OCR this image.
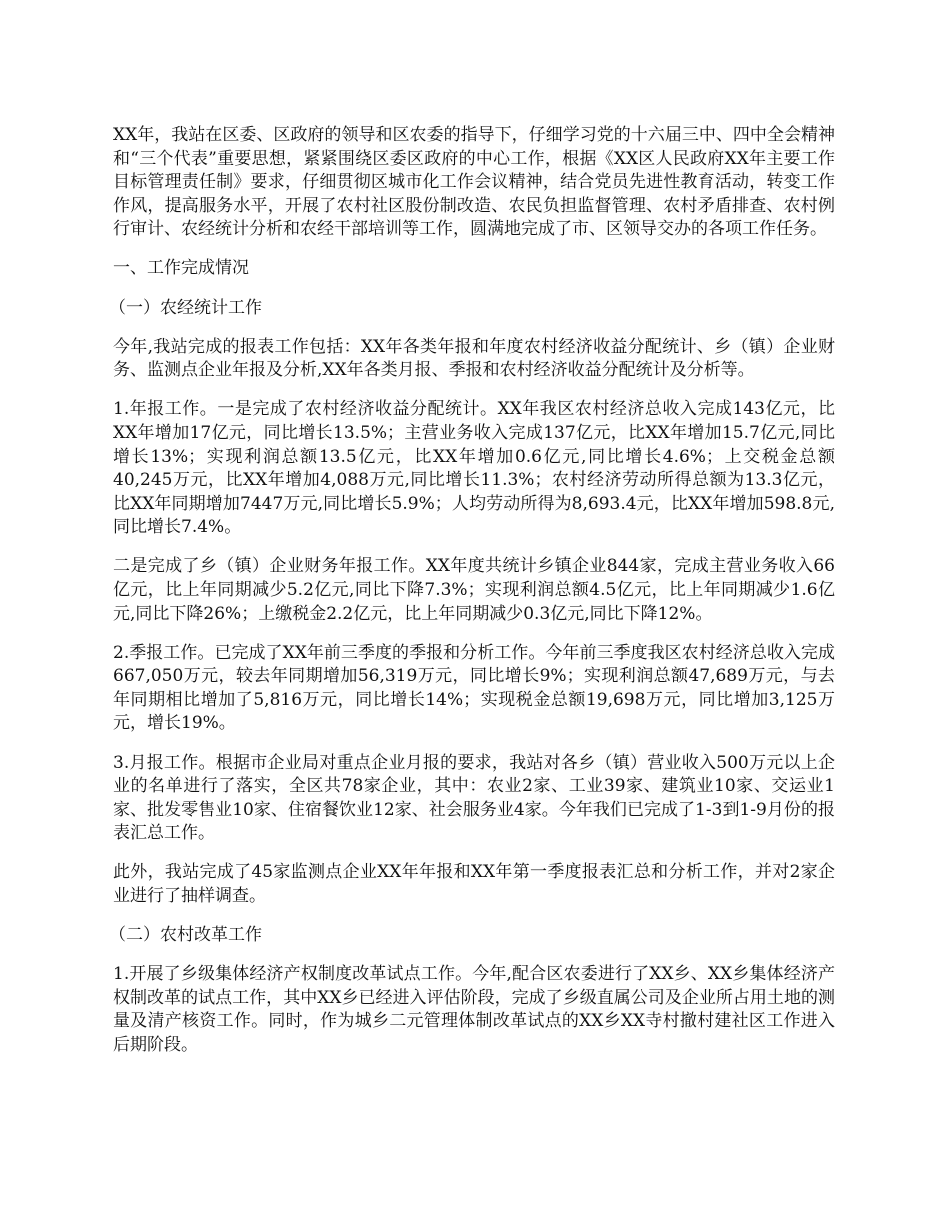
XX年，我站在区委、区政府的领导和区农委的指导下，仔细学习党的十六届三中、四中全会精神和“三个代表”重要思想，紧紧围绕区委区政府的中心工作，根据《XX区人民政府XX年主要工作目标管理责任制》要求，仔细贯彻区城市化工作会议精神，结合党员先进性教育活动，转变工作作风，提高服务水平，开展了农村社区股份制改造、农民负担监督管理、农村矛盾排查、农村例行审计、农经统计分析和农经干部培训等工作，圆满地完成了市、区领导交办的各项工作任务。

一、工作完成情况

（一）农经统计工作

今年,我站完成的报表工作包括：XX年各类年报和年度农村经济收益分配统计、乡（镇）企业财务、监测点企业年报及分析,XX年各类月报、季报和农村经济收益分配统计及分析等。

1.年报工作。一是完成了农村经济收益分配统计。XX年我区农村经济总收入完成143亿元，比XX年增加17亿元，同比增长13.5%；主营业务收入完成137亿元，比XX年增加15.7亿元,同比增长13%；实现利润总额13.5亿元，比XX年增加0.6亿元,同比增长4.6%；上交税金总额40,245万元，比XX年增加4,088万元,同比增长11.3%；农村经济劳动所得总额为13.3亿元，比XX年同期增加7447万元,同比增长5.9%；人均劳动所得为8,693.4元，比XX年增加598.8元,同比增长7.4%。

二是完成了乡（镇）企业财务年报工作。XX年度共统计乡镇企业844家，完成主营业务收入66亿元，比上年同期减少5.2亿元,同比下降7.3%；实现利润总额4.5亿元，比上年同期减少1.6亿元,同比下降26%；上缴税金2.2亿元，比上年同期减少0.3亿元,同比下降12%。

2.季报工作。已完成了XX年前三季度的季报和分析工作。今年前三季度我区农村经济总收入完成667,050万元，较去年同期增加56,319万元，同比增长9%；实现利润总额47,689万元，与去年同期相比增加了5,816万元，同比增长14%；实现税金总额19,698万元，同比增加3,125万元，增长19%。

3.月报工作。根据市企业局对重点企业月报的要求，我站对各乡（镇）营业收入500万元以上企业的名单进行了落实，全区共78家企业，其中：农业2家、工业39家、建筑业10家、交运业1家、批发零售业10家、住宿餐饮业12家、社会服务业4家。今年我们已完成了1-3到1-9月份的报表汇总工作。

此外，我站完成了45家监测点企业XX年年报和XX年第一季度报表汇总和分析工作，并对2家企业进行了抽样调查。

（二）农村改革工作

1.开展了乡级集体经济产权制度改革试点工作。今年,配合区农委进行了XX乡、XX乡集体经济产权制改革的试点工作，其中XX乡已经进入评估阶段，完成了乡级直属公司及企业所占用土地的测量及清产核资工作。同时，作为城乡二元管理体制改革试点的XX乡XX寺村撤村建社区工作进入后期阶段。
